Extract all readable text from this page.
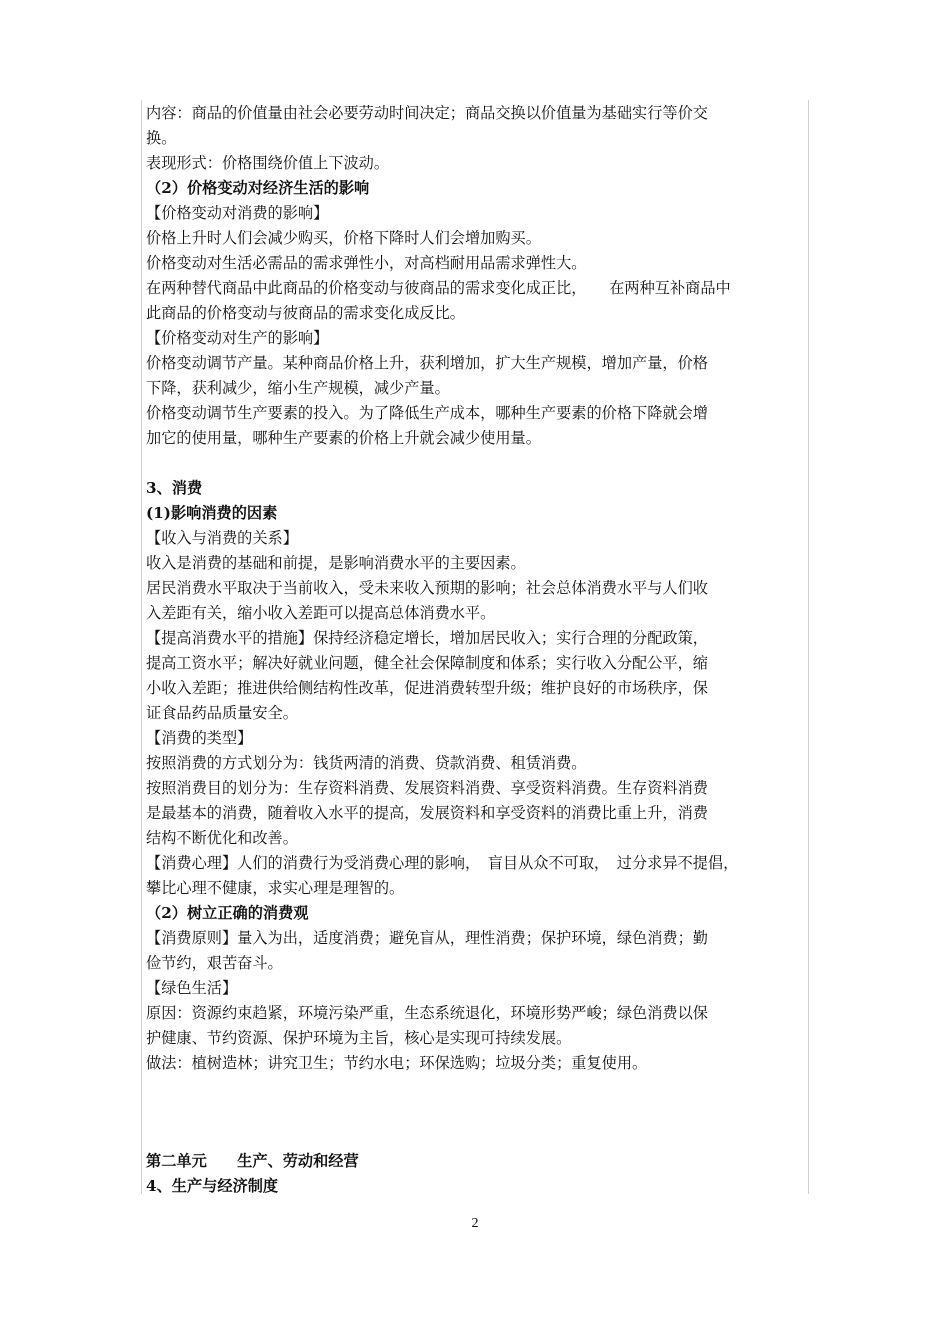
内容：商品的价值量由社会必要劳动时间决定；商品交换以价值量为基础实行等价交
换。
表现形式：价格围绕价值上下波动。
（2）价格变动对经济生活的影响
【价格变动对消费的影响】
价格上升时人们会减少购买，价格下降时人们会增加购买。
价格变动对生活必需品的需求弹性小，对高档耐用品需求弹性大。
在两种替代商品中此商品的价格变动与彼商品的需求变化成正比，　　在两种互补商品中
此商品的价格变动与彼商品的需求变化成反比。
【价格变动对生产的影响】
价格变动调节产量。某种商品价格上升，获利增加，扩大生产规模，增加产量，价格
下降，获利减少，缩小生产规模，减少产量。
价格变动调节生产要素的投入。为了降低生产成本，哪种生产要素的价格下降就会增
加它的使用量，哪种生产要素的价格上升就会减少使用量。
3、消费
(1)影响消费的因素
【收入与消费的关系】
收入是消费的基础和前提，是影响消费水平的主要因素。
居民消费水平取决于当前收入，受未来收入预期的影响；社会总体消费水平与人们收
入差距有关，缩小收入差距可以提高总体消费水平。
【提高消费水平的措施】保持经济稳定增长，增加居民收入；实行合理的分配政策，
提高工资水平；解决好就业问题，健全社会保障制度和体系；实行收入分配公平，缩
小收入差距；推进供给侧结构性改革，促进消费转型升级；维护良好的市场秩序，保
证食品药品质量安全。
【消费的类型】
按照消费的方式划分为：钱货两清的消费、贷款消费、租赁消费。
按照消费目的划分为：生存资料消费、发展资料消费、享受资料消费。生存资料消费
是最基本的消费，随着收入水平的提高，发展资料和享受资料的消费比重上升，消费
结构不断优化和改善。
【消费心理】人们的消费行为受消费心理的影响，　盲目从众不可取，　过分求异不提倡，
攀比心理不健康，求实心理是理智的。
（2）树立正确的消费观
【消费原则】量入为出，适度消费；避免盲从，理性消费；保护环境，绿色消费；勤
俭节约，艰苦奋斗。
【绿色生活】
原因：资源约束趋紧，环境污染严重，生态系统退化，环境形势严峻；绿色消费以保
护健康、节约资源、保护环境为主旨，核心是实现可持续发展。
做法：植树造林；讲究卫生；节约水电；环保选购；垃圾分类；重复使用。
第二单元　　生产、劳动和经营
4、生产与经济制度
2
